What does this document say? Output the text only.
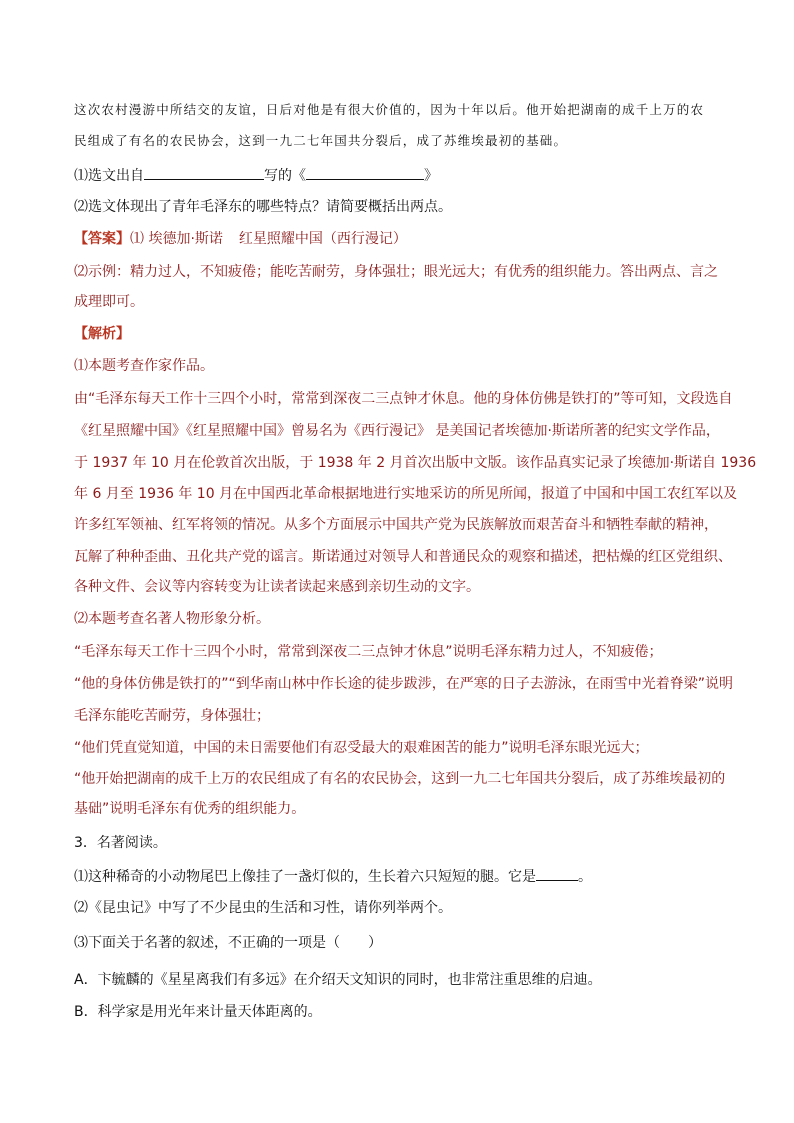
这次农村漫游中所结交的友谊，日后对他是有很大价值的，因为十年以后。他开始把湖南的成千上万的农
民组成了有名的农民协会，这到一九二七年国共分裂后，成了苏维埃最初的基础。
⑴选文出自	写的《	》
⑵选文体现出了青年毛泽东的哪些特点？请简要概括出两点。
【答案】⑴ 埃德加·斯诺 红星照耀中国（西行漫记）
⑵示例：精力过人，不知疲倦；能吃苦耐劳，身体强壮；眼光远大；有优秀的组织能力。答出两点、言之
成理即可。
【解析】
⑴本题考查作家作品。
由“毛泽东每天工作十三四个小时，常常到深夜二三点钟才休息。他的身体仿佛是铁打的”等可知，文段选自
《红星照耀中国》《红星照耀中国》曾易名为《西行漫记》 是美国记者埃德加·斯诺所著的纪实文学作品，
于 1937 年 10 月在伦敦首次出版，于 1938 年 2 月首次出版中文版。该作品真实记录了埃德加·斯诺自 1936
年 6 月至 1936 年 10 月在中国西北革命根据地进行实地采访的所见所闻，报道了中国和中国工农红军以及
许多红军领袖、红军将领的情况。从多个方面展示中国共产党为民族解放而艰苦奋斗和牺牲奉献的精神，
瓦解了种种歪曲、丑化共产党的谣言。斯诺通过对领导人和普通民众的观察和描述，把枯燥的红区党组织、
各种文件、会议等内容转变为让读者读起来感到亲切生动的文字。
⑵本题考查名著人物形象分析。
“毛泽东每天工作十三四个小时，常常到深夜二三点钟才休息”说明毛泽东精力过人，不知疲倦；
“他的身体仿佛是铁打的”“到华南山林中作长途的徒步跋涉，在严寒的日子去游泳，在雨雪中光着脊梁”说明
毛泽东能吃苦耐劳，身体强壮；
“他们凭直觉知道，中国的未日需要他们有忍受最大的艰难困苦的能力”说明毛泽东眼光远大；
“他开始把湖南的成千上万的农民组成了有名的农民协会，这到一九二七年国共分裂后，成了苏维埃最初的
基础”说明毛泽东有优秀的组织能力。
3．名著阅读。
⑴这种稀奇的小动物尾巴上像挂了一盏灯似的，生长着六只短短的腿。它是	。
⑵《昆虫记》中写了不少昆虫的生活和习性，请你列举两个。
⑶下面关于名著的叙述，不正确的一项是（　　）
A．卞毓麟的《星星离我们有多远》在介绍天文知识的同时，也非常注重思维的启迪。
B．科学家是用光年来计量天体距离的。
